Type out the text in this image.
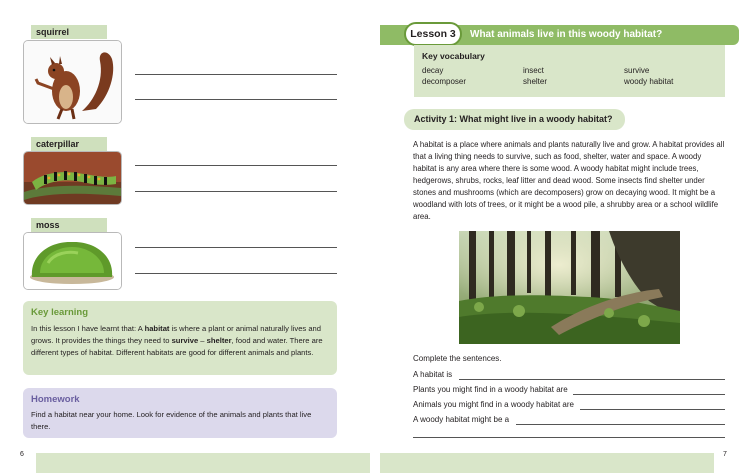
squirrel
caterpillar
moss
Key learning
In this lesson I have learnt that: A habitat is where a plant or animal naturally lives and grows. It provides the things they need to survive – shelter, food and water. There are different types of habitat. Different habitats are good for different animals and plants.
Homework
Find a habitat near your home. Look for evidence of the animals and plants that live there.
6
Lesson 3	What animals live in this woody habitat?
Key vocabulary
decay	insect	survive
decomposer	shelter	woody habitat
Activity 1: What might live in a woody habitat?
A habitat is a place where animals and plants naturally live and grow. A habitat provides all that a living thing needs to survive, such as food, shelter, water and space. A woody habitat is any area where there is some wood. A woody habitat might include trees, hedgerows, shrubs, rocks, leaf litter and dead wood. Some insects find shelter under stones and mushrooms (which are decomposers) grow on decaying wood. It might be a woodland with lots of trees, or it might be a wood pile, a shrubby area or a school wildlife area.
Complete the sentences.
A habitat is
Plants you might find in a woody habitat are
Animals you might find in a woody habitat are
A woody habitat might be a
7
